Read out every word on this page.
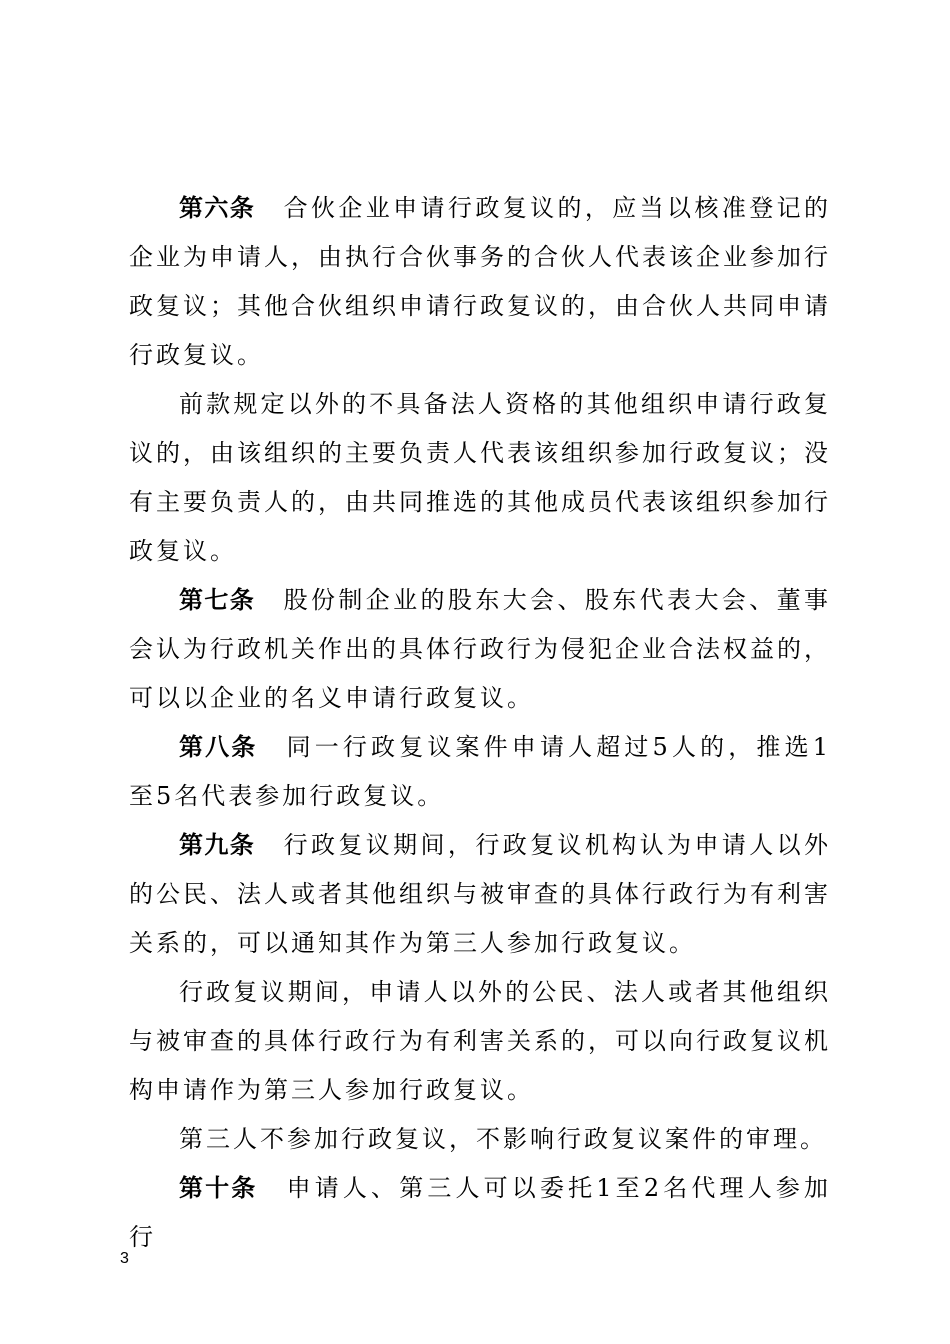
第六条 合伙企业申请行政复议的，应当以核准登记的企业为申请人，由执行合伙事务的合伙人代表该企业参加行政复议；其他合伙组织申请行政复议的，由合伙人共同申请行政复议。

前款规定以外的不具备法人资格的其他组织申请行政复议的，由该组织的主要负责人代表该组织参加行政复议；没有主要负责人的，由共同推选的其他成员代表该组织参加行政复议。

第七条 股份制企业的股东大会、股东代表大会、董事会认为行政机关作出的具体行政行为侵犯企业合法权益的，可以以企业的名义申请行政复议。

第八条 同一行政复议案件申请人超过5人的，推选1至5名代表参加行政复议。

第九条 行政复议期间，行政复议机构认为申请人以外的公民、法人或者其他组织与被审查的具体行政行为有利害关系的，可以通知其作为第三人参加行政复议。

行政复议期间，申请人以外的公民、法人或者其他组织与被审查的具体行政行为有利害关系的，可以向行政复议机构申请作为第三人参加行政复议。

第三人不参加行政复议，不影响行政复议案件的审理。

第十条 申请人、第三人可以委托1至2名代理人参加行

3
